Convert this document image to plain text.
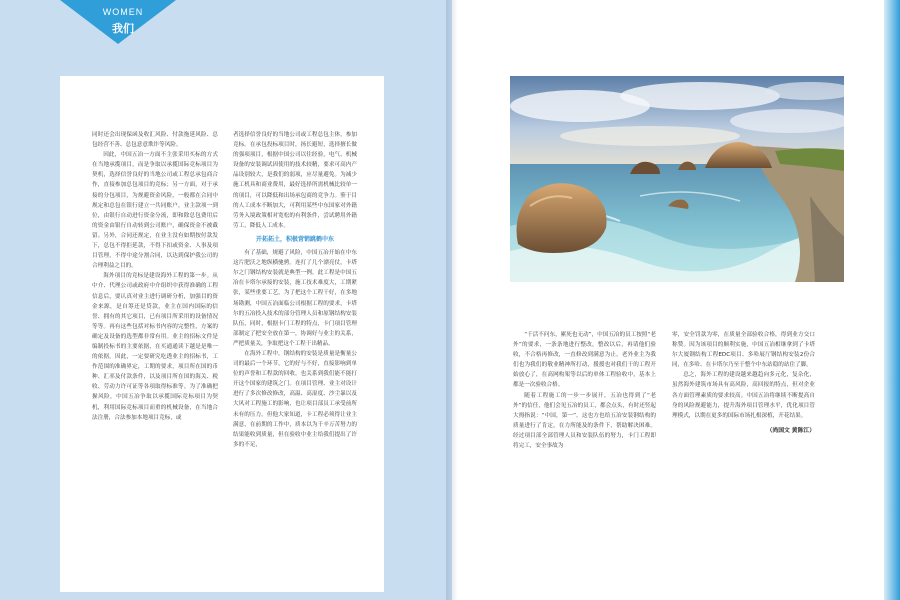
WOMEN
我们

同时还会出现保函及收汇风险、付款拖延风险、总包经营不善、总包意意欺诈等风险。

因此，中国五冶一方面不主张采用买标的方式在当地承揽项目，而是争取以承揽国际竞标项目为契机，选择信誉良好的当地公司或工程总承包商合作，直接参加总包项目的竞标；另一方面，对于承接的分包项目，为规避资金风险，一般都在合同中规定和总包在银行建立一共同账户，业主款项一到位，由银行自动进行资金分流，即和除总包费用后的资金由银行自动转到公司账户，确保资金不被截留。另外，合同还规定，在业主没有如期按付款发下，总包不得拒延款，不得下扣或资金、人事及项目管理，不得中途分割合同，以达到保护我公司的合理利益之目的。

海外项目的竞标是建设海外工程的第一步。从中介、代理公司或政府中介组织中获得准确的工程信息后，要认真对业主进行调研分析，加强目的资金来源，是自筹还是贷款，业主在国内国际的信誉、拥有的其它项目，已有项目所采用的设备情况等等。再有这些包括对标书内容的完整性，方案的确定及设备的选型都非常有用。业主的招标文件是编制投标书的主要依据，在买通通读下越是是唯一的依据。因此，一定要研究吃透业主的招标书，工作范围的准确界定，工期的要求，项目所在国的币种、汇率及付款条件，以及项目所在国的海关、税收、劳动力许可证等各项取得标准等。为了准确把握风险，中国五冶争取以承揽国际竞标项目为契机，利用国际竞标项目而重的机械设备，在当地合法注册，合法参加本地项目竞标，或

者选择信誉良好的当地公司或工程总包主体，参加竞标。在承包投标项目时，扬长避短，选择擅长做的强项项目，根据中国公司以往经验，电气、机械设备的安装调试因使用的技术较精，要求可高内产品设别较大，是我们的弱项，应尽量避免。为减少施工机具和商业费用，最好选择所需机械比较单一的项目，可以降低和出场承包商的竞争力。鉴于目的人工成本不断加大，可利用某些中东国家对外籍劳务入境政策相对宽松的有利条件，尝试聘用外籍劳工，降低人工成本。

开拓拓土，积极营销跳鹤中东

有了基础，规避了风险，中国五冶开始在中东这片肥沃之地纵横驰骋。连打了几个漂亮仗，卡塔尔之门钢结构安装就是典型一例。此工程是中国五冶在卡塔尔承接的安装，施工技术难度大，工期紧张，某些重要工艺，为了把这个工程干好，在多地场勘测，中国五冶面临公司根据工程的要求，卡塔尔的五冶投入技术的部分管理人员和原钢结构安装队伍，同时，根据卡门工程的特点，卡门项目管理部制定了把安全放在第一，协调好与业主的关系，严把质量关，争取把这个工程干出精品。

在海外工程中，钢结构的安装是质量是衡量公司的最后一个环节，它的好与不好，直接影响到单位的声誉和工程款的回收。也关系到我们能不能打开这个国家的建筑之门。在项目管理、业主对设计进行了多次修改修改，高温、高湿度、沙尘暴以及大风对工程施工的影响，也让项目部员工承受前所未有的压力。但他大家知道，卡工程必须得让业主满意，在前期的工作中，质本以为千辛万苦努力的结果能收到质量，但在验收中业主给我们提出了许多的不足，

“千活不问东，累死也无动”，中国五冶的员工按照“老外”的要求，一条条地进行整改，整改以后，再请他们验收，不合格再修改，一直修改到满意为止。老外业主为我们也为我们的敬业精神所打动，援援也对我们干的工程开始放心了，在高网构架等以后的单体工程验收中，基本上都是一次验收合格。

随着工程施工的一步一步展开，五冶也得到了“老外”的信任，他们会见五冶的员工，都会点头，有时还竖起大拇指说：“中国，第一”。这也方也给五冶安装钢结构的质量进行了肯定，在力所能及的条件下，帮助解决困难。经过项目部全部管理人员和安装队伍的努力，卡门工程即将完工，安全事故为

零，安全罚款为零，在质量全部验收合格，得到业方交口称赞。因为该项目的顺利实施，中国五冶相继拿到了卡塔尔大厦钢结构工程EDC项目、多哈展厅钢结构安装2份合同，在多哈、在卡塔尔乃至于整个中东站稳的站住了脚。

总之，海外工程的建设越来越趋向多元化，复杂化，虽然海外建筑市场具有高风险，高回报的特点，但对企业各方面管理素质的要求较高。中国五冶将继续不断提高自身的风险规避能力，提升海外项目管理水平，优化项目管理模式，以期在更多的国际市场扎根深植，开花结果。

（尚国文 黄陈江）
